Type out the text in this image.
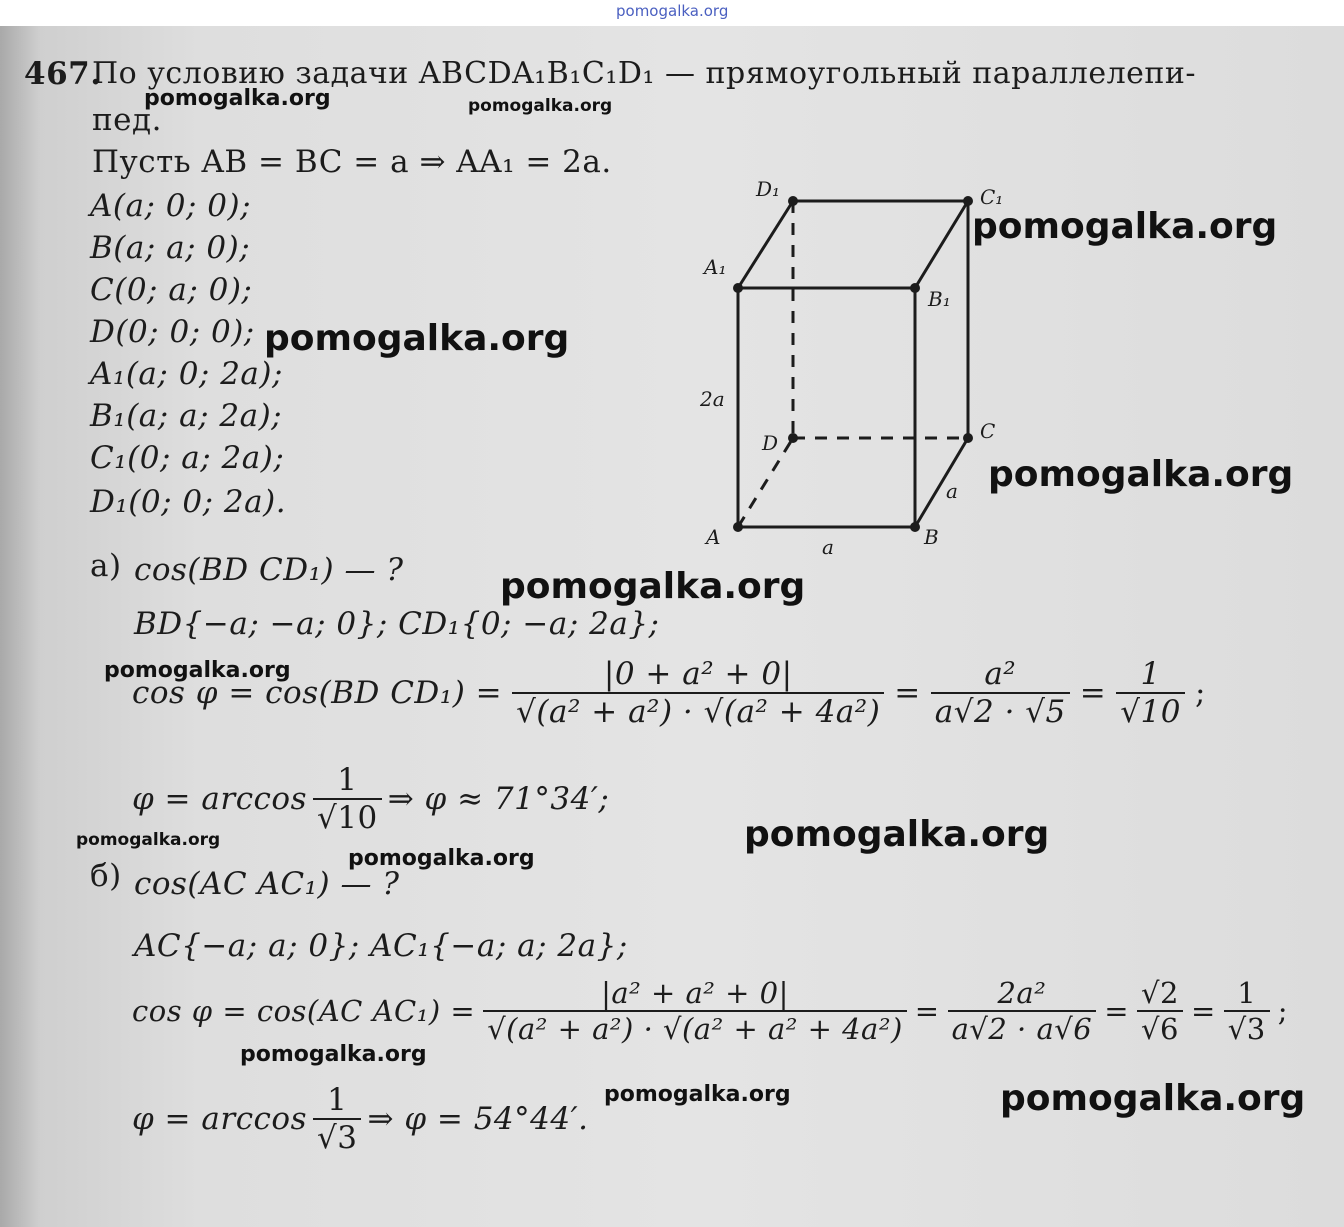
pomogalka.org
467.
По условию задачи ABCDA₁B₁C₁D₁ — прямоугольный параллелепи-
пед.
Пусть AB = BC = a ⇒ AA₁ = 2a.
A(a; 0; 0);
B(a; a; 0);
C(0; a; 0);
D(0; 0; 0);
A₁(a; 0; 2a);
B₁(a; a; 2a);
C₁(0; a; 2a);
D₁(0; 0; 2a).
D₁	C₁
A₁
B₁
2a
D	C
a
A	B
a
а) cos(BD CD₁) — ?
BD{−a; −a; 0}; CD₁{0; −a; 2a};
cos φ = cos(BD $CD_1) = \frac{\text{|0 + a² + 0|}}{\text{√(a² + a²) · √(a² + 4a²)}} = \frac{\text{a²}}{a√2 \cdot √5} = \frac{1}{√10}$ ;
$\varphi = \arccos \frac{1}{√10}$ ⇒ φ ≈ 71°34′;
б) cos(AC AC₁) — ?
AC{−a; a; 0}; AC₁{−a; a; 2a};
cos φ = cos(AC $AC_1) = \frac{\text{|a² + a² + 0|}}{\text{√(a² + a²) · √(a² + a² + 4a²)}} = \frac{\text{2a²}}{a√2 \cdot a√6} = \frac{√2}{√6} = \frac{1}{√3}$ ;
$\varphi = \arccos \frac{1}{√3}$ ⇒ φ = 54°44′.
pomogalka.org	pomogalka.org
pomogalka.org
pomogalka.org
pomogalka.org
pomogalka.org
pomogalka.org
pomogalka.org
pomogalka.org
pomogalka.org
pomogalka.org
pomogalka.org	pomogalka.org
